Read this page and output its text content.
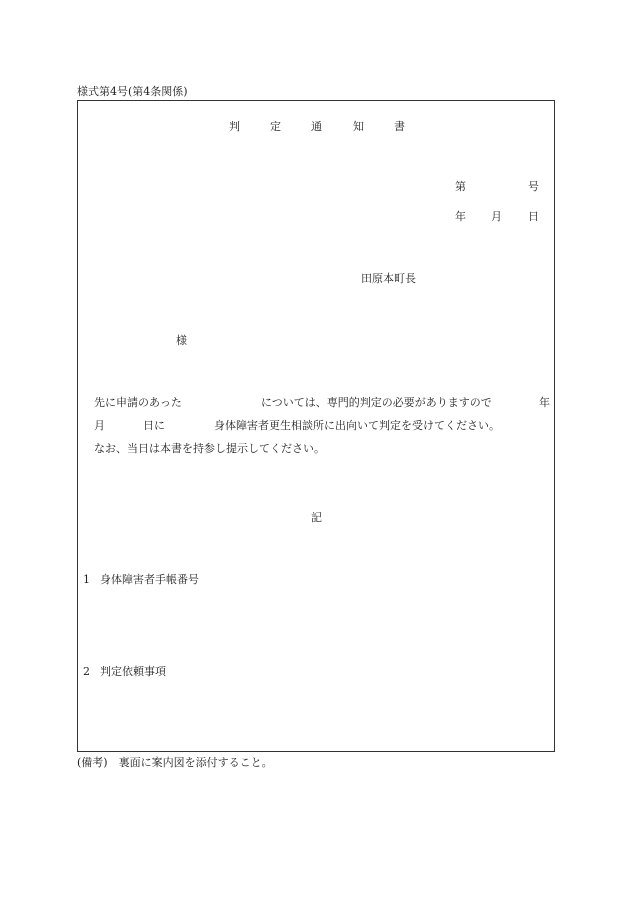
様式第4号(第4条関係)
判	定	通	知	書
第	号
年 月 日
田原本町長
様
先に申請のあった	については、専門的判定の必要がありますので	年
月	日に	身体障害者更生相談所に出向いて判定を受けてください。
なお、当日は本書を持参し提示してください。
記
1 身体障害者手帳番号
2 判定依頼事項
(備考)　裏面に案内図を添付すること。
